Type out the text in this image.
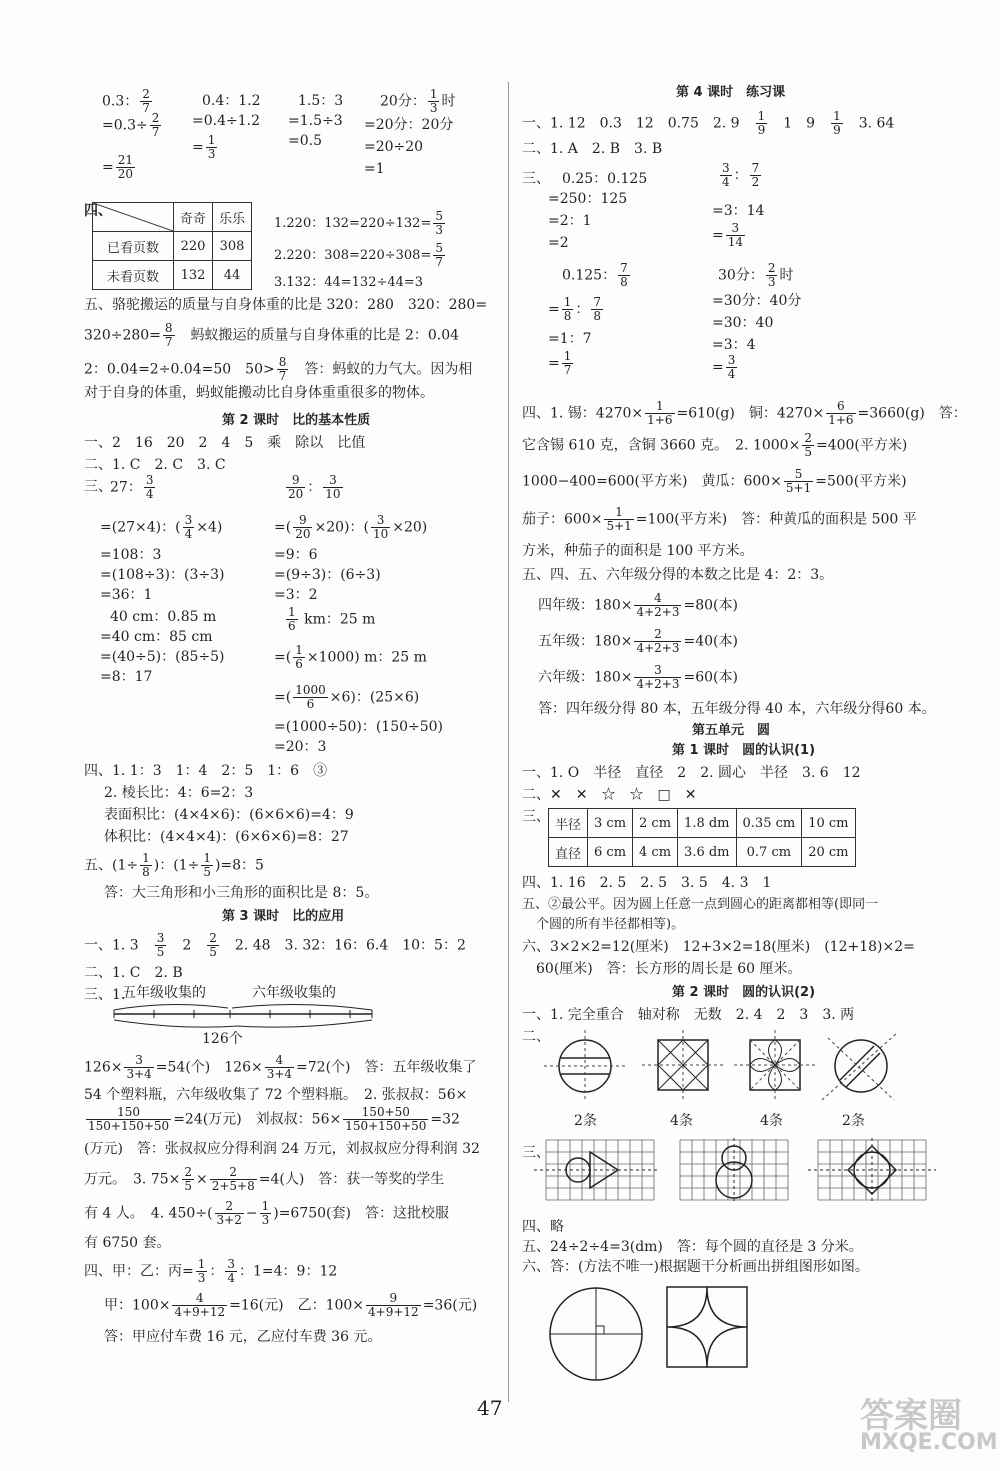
0.3： $\frac{2}{7}$
$=0.3\div \frac{2}{7}$
= $\frac{21}{20}$
0.4：1.2
=0.4÷1.2
= $\frac{1}{3}$
1.5：3
=1.5÷3
=0.5
20分： $\frac{1}{3}$ 时
=20分：20分
=20÷20
=1
四、
		奇奇	乐乐
已看页数	220	308
未看页数	132	44
1.220：$132=220\div 132= \frac{5}{3}$
2.220：$308=220\div 308= \frac{5}{7}$
3.132：44=132÷44=3
五、骆驼搬运的质量与自身体重的比是 320：280　320：280=
$320\div 280= \frac{8}{7}$ 　蚂蚁搬运的质量与自身体重的比是 2：0.04
2：0.04=2÷0.04=50　$50> \frac{8}{7}$ 　答：蚂蚁的力气大。因为相
对于自身的体重，蚂蚁能搬动比自身体重重很多的物体。
第 2 课时　比的基本性质
一、2　16　20　2　4　5　乘　除以　比值
二、1. C　2. C　3. C
三、
27： $\frac{3}{4}$
=(27×4)：( $\frac{3}{4} \times 4$)
=108：3
=(108÷3)：(3÷3)
=36：1
$\frac{9}{20}$ ： $\frac{3}{10}$
=( $\frac{9}{20} \times 20$)：( $\frac{3}{10} \times 20$)
=9：6
=(9÷3)：(6÷3)
=3：2
40 cm：0.85 m
=40 cm：85 cm
=(40÷5)：(85÷5)
=8：17
$\frac{1}{6}$ km：25 m
=( $\frac{1}{6} \times 1000$) m：25 m
=( $\frac{1000}{6} \times 6$)：(25×6)
=(1000÷50)：(150÷50)
=20：3
四、1. 1：3　1：4　2：5　1：6　③
2. 棱长比：4：6=2：3
表面积比：(4×4×6)：(6×6×6)=4：9
体积比：(4×4×4)：(6×6×6)=8：27
五、($1\div \frac{1}{8}$ )：$(1\div \frac{1}{5} )=8$：5
答：大三角形和小三角形的面积比是 8：5。
第 3 课时　比的应用
一、1. 3　 $\frac{3}{5}$ 　2　 $\frac{2}{5}$ 　2. 48　3. 32：16：6.4　10：5：2
二、1. C　2. B
三、1.
五年级收集的	六年级收集的
126个
$126\times \frac{3}{3+4} =54$(个)　$126\times \frac{4}{3+4} =72$(个)　答：五年级收集了
54 个塑料瓶，六年级收集了 72 个塑料瓶。　2. 张叔叔：56×
$\frac{150}{150+150+50} =24$(万元)　刘叔叔：$56\times \frac{150+50}{150+150+50} =32$
(万元)　答：张叔叔应分得利润 24 万元，刘叔叔应分得利润 32
万元。　3. $75\times \frac{2}{5} \times \frac{2}{2+5+8} =4$(人)　答：获一等奖的学生
有 4 人。　4. $450\div( \frac{2}{3+2} - \frac{1}{3} )=6750$(套)　答：这批校服
有 6750 套。
四、甲：乙：丙= $\frac{1}{3}$ ： $\frac{3}{4}$ ：1=4：9：12
甲：$100\times \frac{4}{4+9+12} =16$(元)　乙：$100\times \frac{9}{4+9+12} =36$(元)
答：甲应付车费 16 元，乙应付车费 36 元。
第 4 课时　练习课
一、1. 12　0.3　12　0.75　2. 9　 $\frac{1}{9}$ 　1　9　 $\frac{1}{9}$ 　3. 64
二、1. A　2. B　3. B
三、 0.25：0.125
=250：125
=2：1
=2
$\frac{3}{4}$ ： $\frac{7}{2}$
=3：14
= $\frac{3}{14}$
0.125： $\frac{7}{8}$
= $\frac{1}{8}$ ： $\frac{7}{8}$
=1：7
= $\frac{1}{7}$
30分： $\frac{2}{3}$ 时
=30分：40分
=30：40
=3：4
= $\frac{3}{4}$
四、1. 锡：$4270\times \frac{1}{1+6} =610(g)$　铜：$4270\times \frac{6}{1+6} =3660(g)$　答：
它含锡 610 克，含铜 3660 克。　2. $1000\times \frac{2}{5} =400$(平方米)
1000−400=600(平方米)　黄瓜：$600\times \frac{5}{5+1} =500$(平方米)
茄子：$600\times \frac{1}{5+1} =100$(平方米)　答：种黄瓜的面积是 500 平
方米，种茄子的面积是 100 平方米。
五、四、五、六年级分得的本数之比是 4：2：3。
四年级：$180\times \frac{4}{4+2+3} =80$(本)
五年级：$180\times \frac{2}{4+2+3} =40$(本)
六年级：$180\times \frac{3}{4+2+3} =60$(本)
答：四年级分得 80 本，五年级分得 40 本，六年级分得60 本。
第五单元　圆
第 1 课时　圆的认识(1)
一、1. O　半径　直径　2　2. 圆心　半径　3. 6　12
二、✕　✕　☆　☆　□　✕
三、 半径	3 cm	2 cm	1.8 dm	0.35 cm	10 cm
直径	6 cm	4 cm	3.6 dm	0.7 cm	20 cm
四、1. 16　2. 5　2. 5　3. 5　4. 3　1
五、②最公平。因为圆上任意一点到圆心的距离都相等(即同一
个圆的所有半径都相等)。
六、3×2×2=12(厘米)　12+3×2=18(厘米)　(12+18)×2=
60(厘米)　答：长方形的周长是 60 厘米。
第 2 课时　圆的认识(2)
一、1. 完全重合　轴对称　无数　2. 4　2　3　3. 两
二、
2条	4条	4条	2条
三、
四、略
五、24÷2÷4=3(dm)　答：每个圆的直径是 3 分米。
六、答：(方法不唯一)根据题干分析画出拼组图形如图。
47	答案圈
MXQE.COM
